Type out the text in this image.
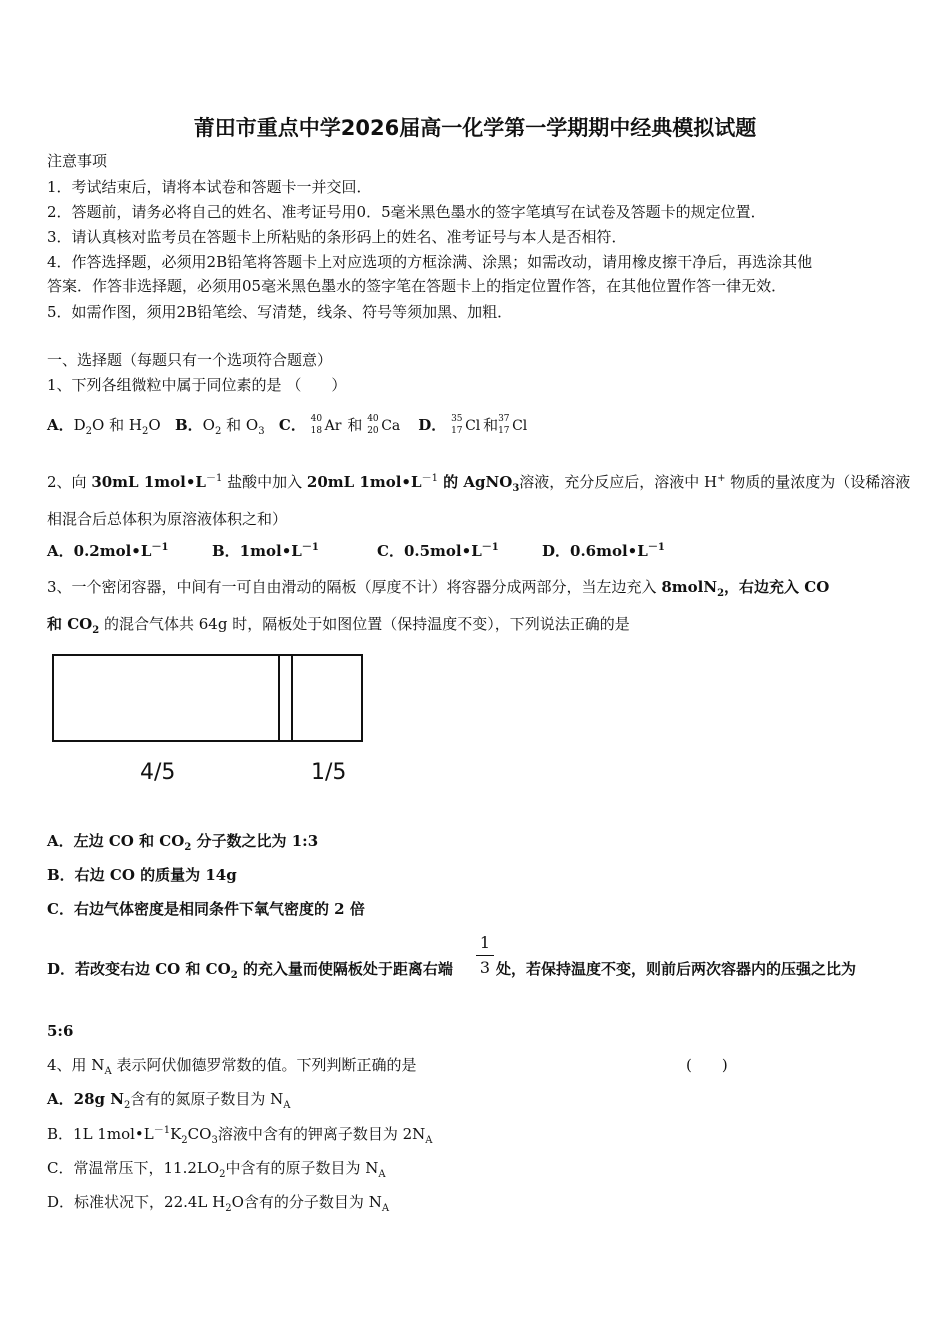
莆田市重点中学2026届高一化学第一学期期中经典模拟试题
注意事项
1．考试结束后，请将本试卷和答题卡一并交回．
2．答题前，请务必将自己的姓名、准考证号用0．5毫米黑色墨水的签字笔填写在试卷及答题卡的规定位置．
3．请认真核对监考员在答题卡上所粘贴的条形码上的姓名、准考证号与本人是否相符．
4．作答选择题，必须用2B铅笔将答题卡上对应选项的方框涂满、涂黑；如需改动，请用橡皮擦干净后，再选涂其他
答案．作答非选择题，必须用05毫米黑色墨水的签字笔在答题卡上的指定位置作答，在其他位置作答一律无效．
5．如需作图，须用2B铅笔绘、写清楚，线条、符号等须加黑、加粗．
一、选择题（每题只有一个选项符合题意）
1、下列各组微粒中属于同位素的是 （　　）
A．$D_2O$ 和 $H_2O$ B．$O_2$ 和 $O_3$ C． 40
18 Ar 和 40
20 Ca D． 35
17 Cl 和 37
17 Cl
2、向 30mL $1mol•L^{-1}$ 盐酸中加入 20mL $1mol•L^{-1}$ 的 AgNO$_3$溶液，充分反应后，溶液中 H+ 物质的量浓度为（设稀溶液
相混合后总体积为原溶液体积之和）
A．$0.2mol•L^{-1}$	B．$1mol•L^{-1}$	C．$0.5mol•L^{-1}$	D．$0.6mol•L^{-1}$
3、一个密闭容器，中间有一可自由滑动的隔板（厚度不计）将容器分成两部分，当左边充入 8molN$_2$，右边充入 CO
和 $CO_2$ 的混合气体共 64g 时，隔板处于如图位置（保持温度不变），下列说法正确的是
4/5	1/5
A．左边 CO 和 $CO_2$ 分子数之比为 1:3
B．右边 CO 的质量为 14g
C．右边气体密度是相同条件下氧气密度的 2 倍
D．若改变右边 CO 和 $CO_2$ 的充入量而使隔板处于距离右端
1
3 处，若保持温度不变，则前后两次容器内的压强之比为
5:6
4、用 $N_A$ 表示阿伏伽德罗常数的值。下列判断正确的是	(　　)
A．28g $N_2$含有的氮原子数目为 $N_A$
B．1L $1mol•L^{-1}K_2CO_3$溶液中含有的钾离子数目为 $2N_A$
C．常温常压下，$11.2LO_2$中含有的原子数目为 $N_A$
D．标准状况下，22.4L $H_2O$含有的分子数目为 $N_A$
